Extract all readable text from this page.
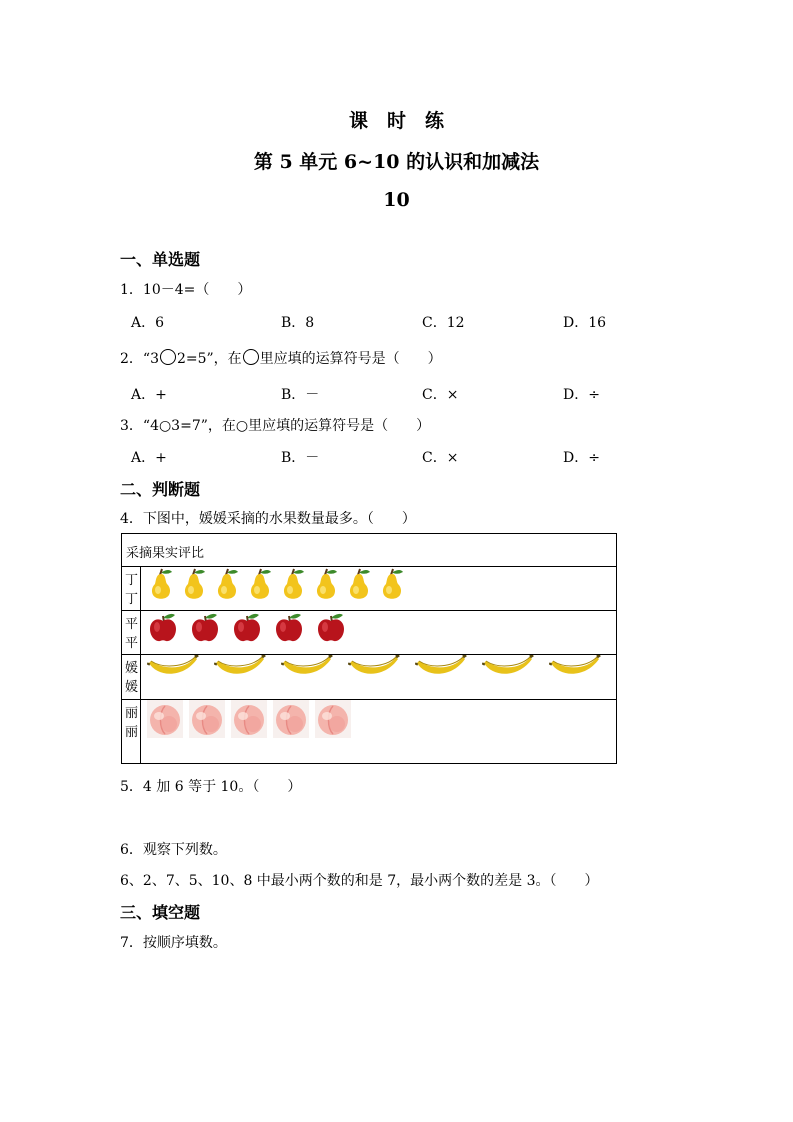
课　时　练
第 5 单元 6~10 的认识和加减法
10
一、单选题
1．10－4=（　　）
A．6	B．8	C．12	D．16
2．“3 2=5”，在 里应填的运算符号是（　　）
A．+	B．－	C．×	D．÷
3．“4○3=7”，在○里应填的运算符号是（　　）
A．+	B．－	C．×	D．÷
二、判断题
4．下图中，媛媛采摘的水果数量最多。（　　）
采摘果实评比	
丁丁	

平平	

媛媛	

丽丽	
5．4 加 6 等于 10。（　　）
6．观察下列数。
6、2、7、5、10、8 中最小两个数的和是 7，最小两个数的差是 3。（　　）
三、填空题
7．按顺序填数。
